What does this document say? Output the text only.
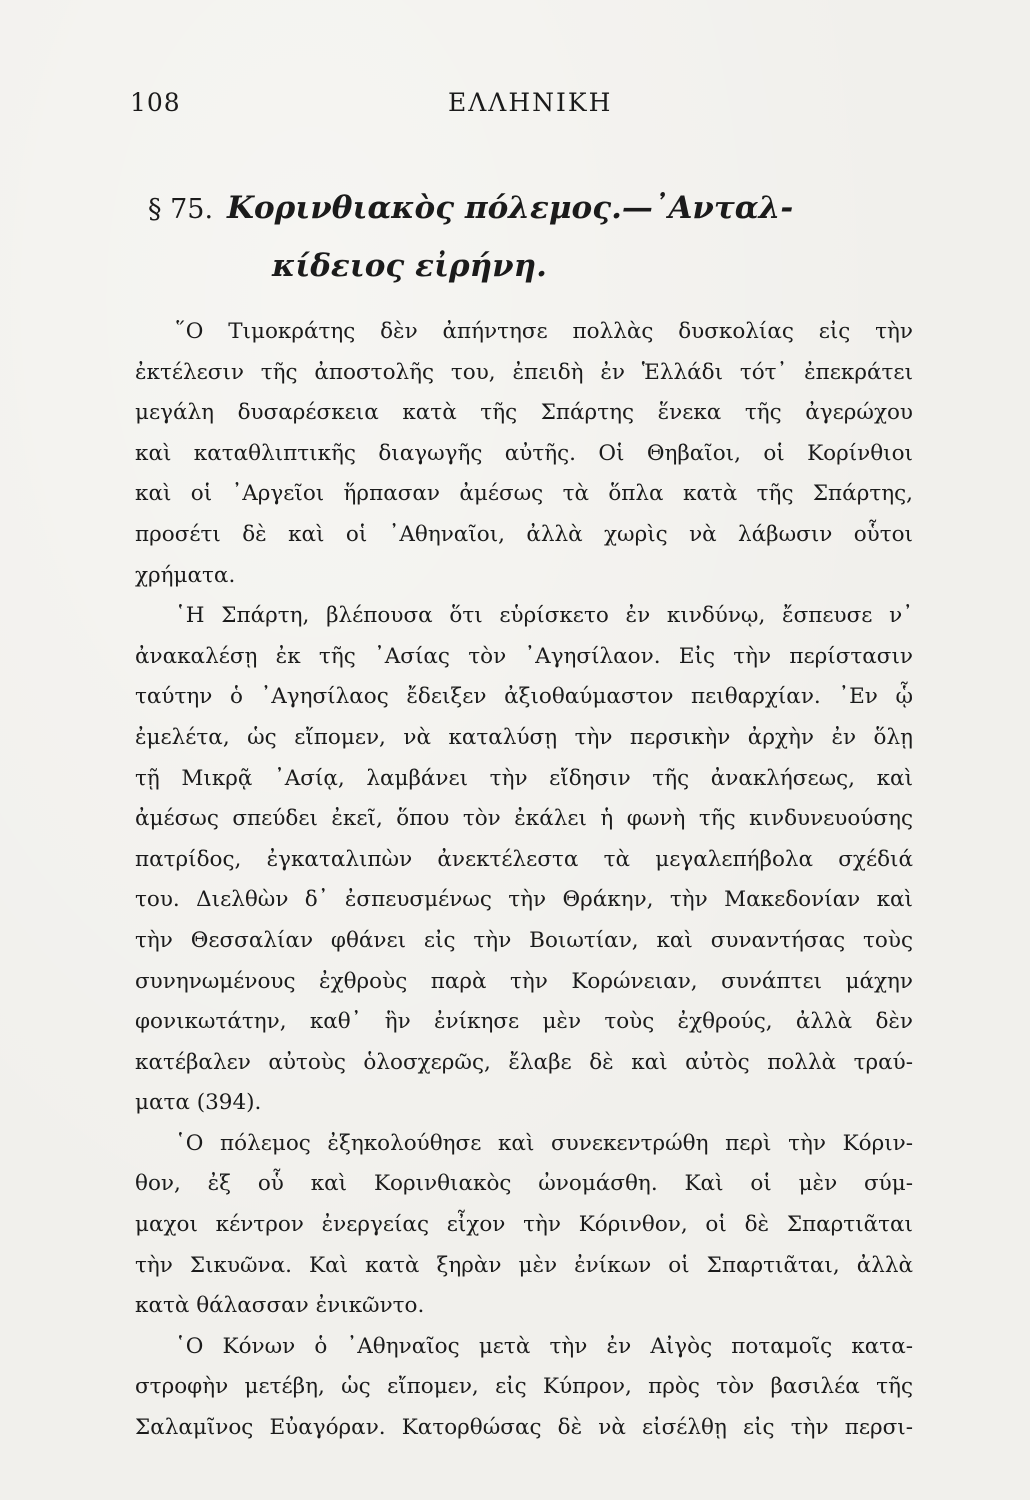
108	ΕΛΛΗΝΙΚΗ
§ 75. Κορινθιακὸς πόλεμος.—᾿Ανταλ-
κίδειος εἰρήνη.
῞Ο Τιμοκράτης δὲν ἀπήντησε πολλὰς δυσκολίας εἰς τὴν
ἐκτέλεσιν τῆς ἀποστολῆς του, ἐπειδὴ ἐν Ἑλλάδι τότ᾿ ἐπεκράτει
μεγάλη δυσαρέσκεια κατὰ τῆς Σπάρτης ἕνεκα τῆς ἀγερώχου
καὶ καταθλιπτικῆς διαγωγῆς αὐτῆς. Οἱ Θηβαῖοι, οἱ Κορίνθιοι
καὶ οἱ ᾿Αργεῖοι ἥρπασαν ἀμέσως τὰ ὅπλα κατὰ τῆς Σπάρτης,
προσέτι δὲ καὶ οἱ ᾿Αθηναῖοι, ἀλλὰ χωρὶς νὰ λάβωσιν οὗτοι
χρήματα.
῾Η Σπάρτη, βλέπουσα ὅτι εὑρίσκετο ἐν κινδύνῳ, ἔσπευσε ν᾿
ἀνακαλέσῃ ἐκ τῆς ᾿Ασίας τὸν ᾿Αγησίλαον. Εἰς τὴν περίστασιν
ταύτην ὁ ᾿Αγησίλαος ἔδειξεν ἀξιοθαύμαστον πειθαρχίαν. ᾿Εν ᾧ
ἐμελέτα, ὡς εἴπομεν, νὰ καταλύσῃ τὴν περσικὴν ἀρχὴν ἐν ὅλῃ
τῇ Μικρᾷ ᾿Ασίᾳ, λαμβάνει τὴν εἴδησιν τῆς ἀνακλήσεως, καὶ
ἀμέσως σπεύδει ἐκεῖ, ὅπου τὸν ἐκάλει ἡ φωνὴ τῆς κινδυνευούσης
πατρίδος, ἐγκαταλιπὼν ἀνεκτέλεστα τὰ μεγαλεπήβολα σχέδιά
του. Διελθὼν δ᾿ ἐσπευσμένως τὴν Θράκην, τὴν Μακεδονίαν καὶ
τὴν Θεσσαλίαν φθάνει εἰς τὴν Βοιωτίαν, καὶ συναντήσας τοὺς
συνηνωμένους ἐχθροὺς παρὰ τὴν Κορώνειαν, συνάπτει μάχην
φονικωτάτην, καθ᾿ ἣν ἐνίκησε μὲν τοὺς ἐχθρούς, ἀλλὰ δὲν
κατέβαλεν αὐτοὺς ὁλοσχερῶς, ἔλαβε δὲ καὶ αὐτὸς πολλὰ τραύ-
ματα (394).
῾Ο πόλεμος ἐξηκολούθησε καὶ συνεκεντρώθη περὶ τὴν Κόριν-
θον, ἐξ οὗ καὶ Κορινθιακὸς ὠνομάσθη. Καὶ οἱ μὲν σύμ-
μαχοι κέντρον ἐνεργείας εἶχον τὴν Κόρινθον, οἱ δὲ Σπαρτιᾶται
τὴν Σικυῶνα. Καὶ κατὰ ξηρὰν μὲν ἐνίκων οἱ Σπαρτιᾶται, ἀλλὰ
κατὰ θάλασσαν ἐνικῶντο.
῾Ο Κόνων ὁ ᾿Αθηναῖος μετὰ τὴν ἐν Αἰγὸς ποταμοῖς κατα-
στροφὴν μετέβη, ὡς εἴπομεν, εἰς Κύπρον, πρὸς τὸν βασιλέα τῆς
Σαλαμῖνος Εὐαγόραν. Κατορθώσας δὲ νὰ εἰσέλθῃ εἰς τὴν περσι-
